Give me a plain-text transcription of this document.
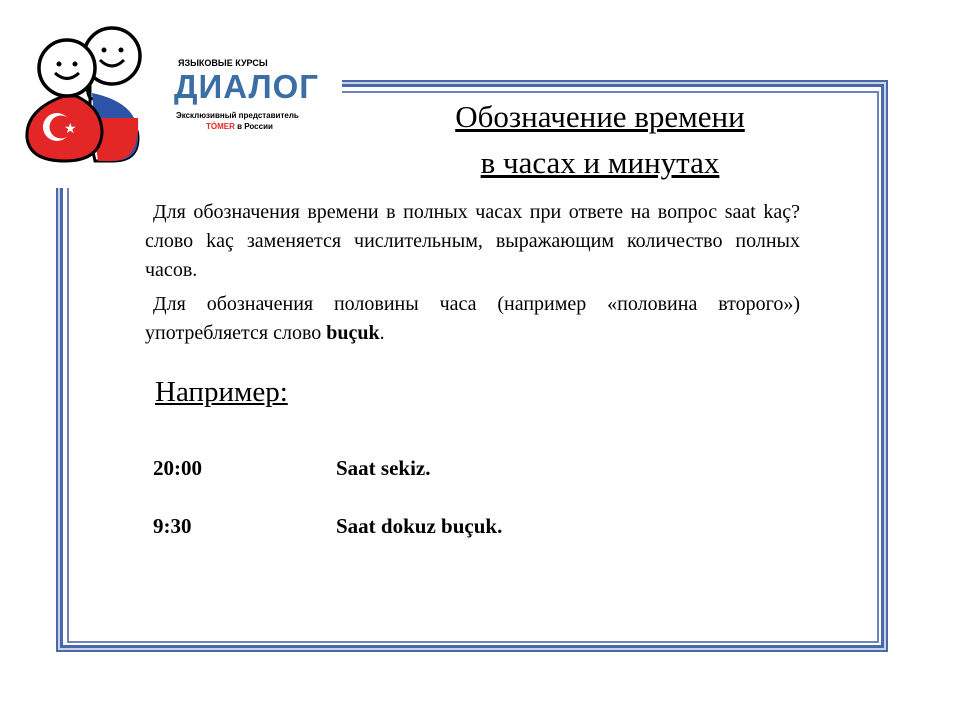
★
ЯЗЫКОВЫЕ КУРСЫ
ДИАЛОГ
Эксклюзивный представитель
TÖMER в России	Обозначение времени
в часах и минутах
Для обозначения времени в полных часах при ответе на вопрос saat kaç? слово kaç заменяется числительным, выражающим количество полных часов.
Для обозначения половины часа (например «половина второго») употребляется слово buçuk.
Например:
20:00	Saat sekiz.
9:30	Saat dokuz buçuk.
